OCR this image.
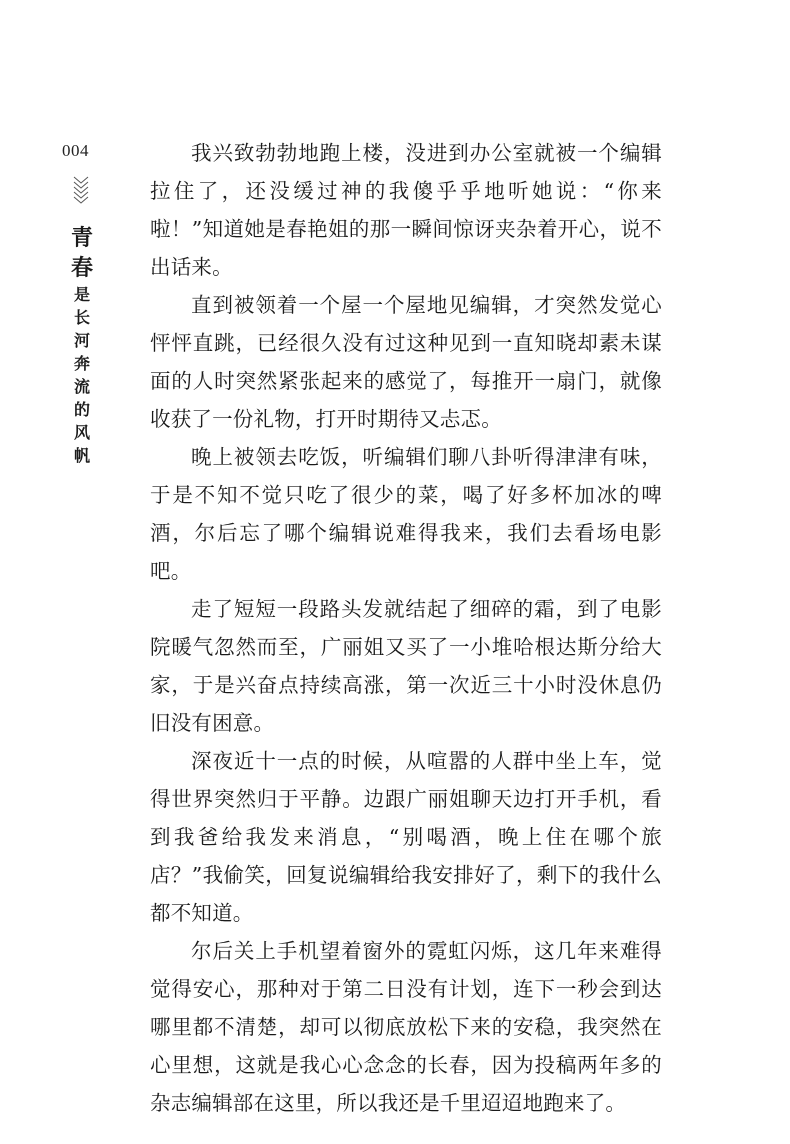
004
青
春
是
长
河
奔
流
的
风
帆

我兴致勃勃地跑上楼，没进到办公室就被一个编辑拉住了，还没缓过神的我傻乎乎地听她说：“你来啦！”知道她是春艳姐的那一瞬间惊讶夹杂着开心，说不出话来。

直到被领着一个屋一个屋地见编辑，才突然发觉心怦怦直跳，已经很久没有过这种见到一直知晓却素未谋面的人时突然紧张起来的感觉了，每推开一扇门，就像收获了一份礼物，打开时期待又忐忑。

晚上被领去吃饭，听编辑们聊八卦听得津津有味，于是不知不觉只吃了很少的菜，喝了好多杯加冰的啤酒，尔后忘了哪个编辑说难得我来，我们去看场电影吧。

走了短短一段路头发就结起了细碎的霜，到了电影院暖气忽然而至，广丽姐又买了一小堆哈根达斯分给大家，于是兴奋点持续高涨，第一次近三十小时没休息仍旧没有困意。

深夜近十一点的时候，从喧嚣的人群中坐上车，觉得世界突然归于平静。边跟广丽姐聊天边打开手机，看到我爸给我发来消息，“别喝酒，晚上住在哪个旅店？”我偷笑，回复说编辑给我安排好了，剩下的我什么都不知道。

尔后关上手机望着窗外的霓虹闪烁，这几年来难得觉得安心，那种对于第二日没有计划，连下一秒会到达哪里都不清楚，却可以彻底放松下来的安稳，我突然在心里想，这就是我心心念念的长春，因为投稿两年多的杂志编辑部在这里，所以我还是千里迢迢地跑来了。
